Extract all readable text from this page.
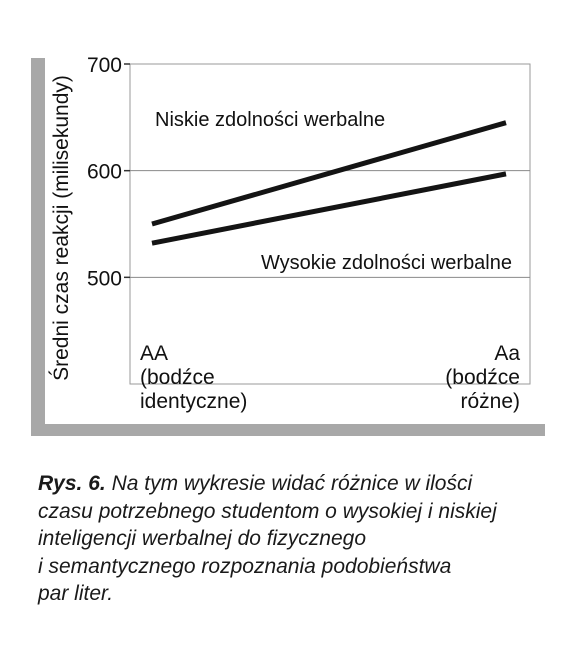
Średni czas reakcji (milisekundy) 500
600
700
AA
(bodźce
identyczne)
Aa
(bodźce
różne)
Niskie zdolności werbalne
Wysokie zdolności werbalne
Rys. 6. Na tym wykresie widać różnice w ilości
czasu potrzebnego studentom o wysokiej i niskiej
inteligencji werbalnej do fizycznego
i semantycznego rozpoznania podobieństwa
par liter.
